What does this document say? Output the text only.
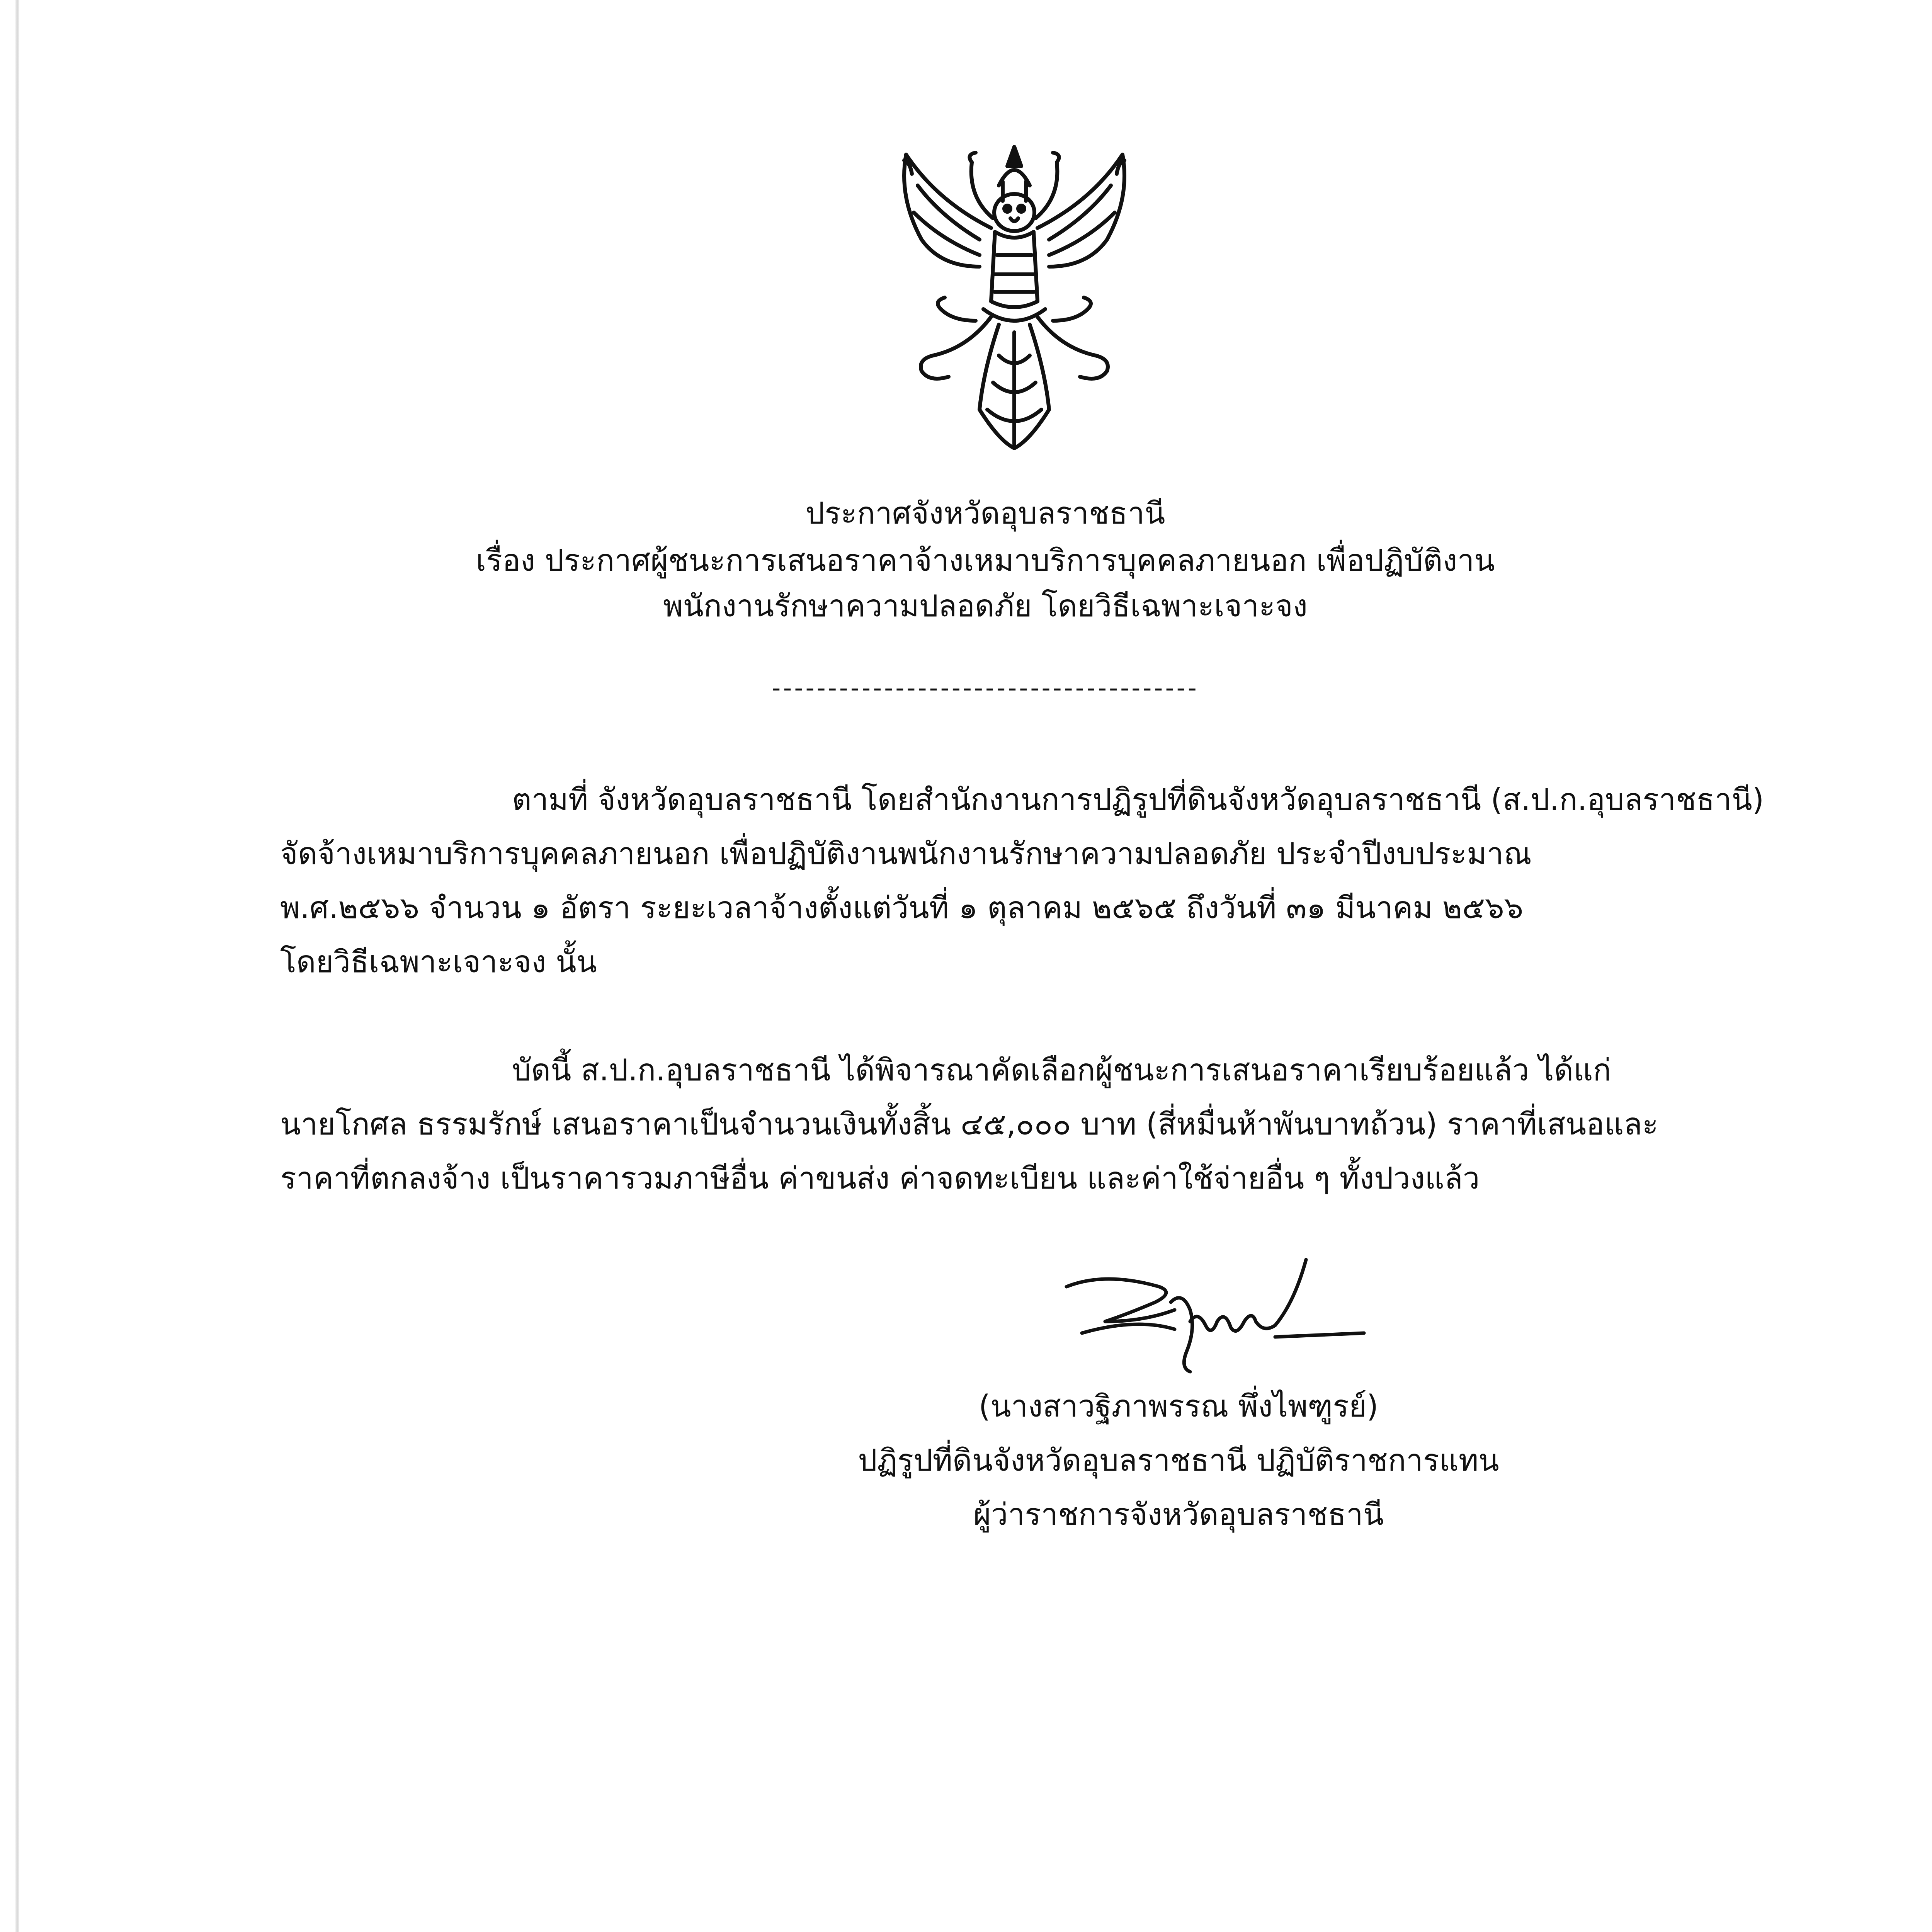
ประกาศจังหวัดอุบลราชธานี
เรื่อง ประกาศผู้ชนะการเสนอราคาจ้างเหมาบริการบุคคลภายนอก เพื่อปฏิบัติงาน
พนักงานรักษาความปลอดภัย โดยวิธีเฉพาะเจาะจง
--------------------------------------
ตามที่ จังหวัดอุบลราชธานี โดยสำนักงานการปฏิรูปที่ดินจังหวัดอุบลราชธานี (ส.ป.ก.อุบลราชธานี)
จัดจ้างเหมาบริการบุคคลภายนอก เพื่อปฏิบัติงานพนักงานรักษาความปลอดภัย ประจำปีงบประมาณ
พ.ศ.๒๕๖๖ จำนวน ๑ อัตรา ระยะเวลาจ้างตั้งแต่วันที่ ๑ ตุลาคม ๒๕๖๕ ถึงวันที่ ๓๑ มีนาคม ๒๕๖๖
โดยวิธีเฉพาะเจาะจง นั้น
บัดนี้ ส.ป.ก.อุบลราชธานี ได้พิจารณาคัดเลือกผู้ชนะการเสนอราคาเรียบร้อยแล้ว ได้แก่
นายโกศล ธรรมรักษ์ เสนอราคาเป็นจำนวนเงินทั้งสิ้น ๔๕,๐๐๐ บาท (สี่หมื่นห้าพันบาทถ้วน) ราคาที่เสนอและ
ราคาที่ตกลงจ้าง เป็นราคารวมภาษีอื่น ค่าขนส่ง ค่าจดทะเบียน และค่าใช้จ่ายอื่น ๆ ทั้งปวงแล้ว
(นางสาวฐิภาพรรณ พึ่งไพฑูรย์)
ปฏิรูปที่ดินจังหวัดอุบลราชธานี ปฏิบัติราชการแทน
ผู้ว่าราชการจังหวัดอุบลราชธานี
